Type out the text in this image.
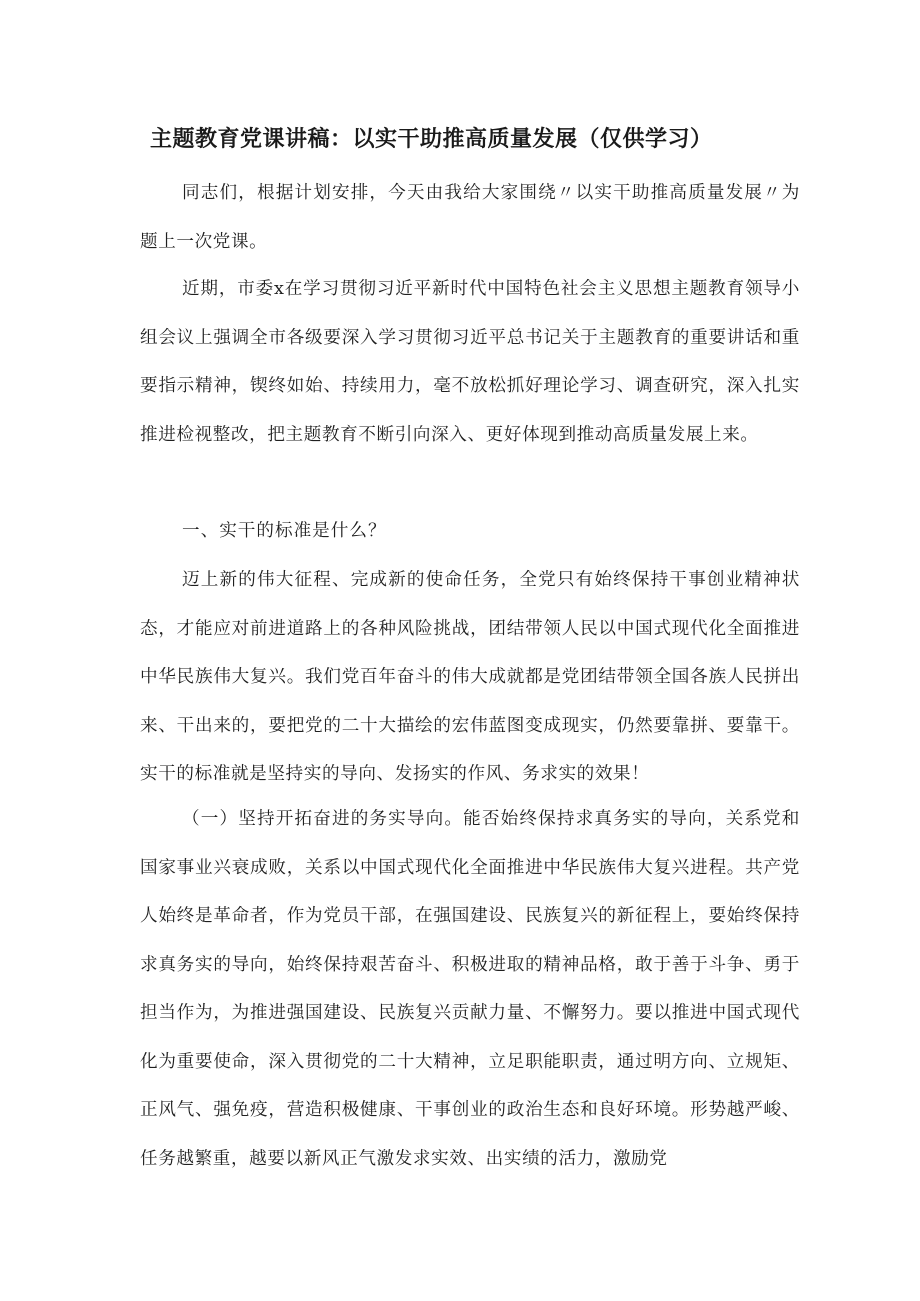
主题教育党课讲稿：以实干助推高质量发展（仅供学习）

同志们，根据计划安排，今天由我给大家围绕〃以实干助推高质量发展〃为题上一次党课。

近期，市委x在学习贯彻习近平新时代中国特色社会主义思想主题教育领导小组会议上强调全市各级要深入学习贯彻习近平总书记关于主题教育的重要讲话和重要指示精神，锲终如始、持续用力，毫不放松抓好理论学习、调查研究，深入扎实推进检视整改，把主题教育不断引向深入、更好体现到推动高质量发展上来。

一、实干的标准是什么？

迈上新的伟大征程、完成新的使命任务，全党只有始终保持干事创业精神状态，才能应对前进道路上的各种风险挑战，团结带领人民以中国式现代化全面推进中华民族伟大复兴。我们党百年奋斗的伟大成就都是党团结带领全国各族人民拼出来、干出来的，要把党的二十大描绘的宏伟蓝图变成现实，仍然要靠拼、要靠干。实干的标准就是坚持实的导向、发扬实的作风、务求实的效果！

（一）坚持开拓奋进的务实导向。能否始终保持求真务实的导向，关系党和国家事业兴衰成败，关系以中国式现代化全面推进中华民族伟大复兴进程。共产党人始终是革命者，作为党员干部，在强国建设、民族复兴的新征程上，要始终保持求真务实的导向，始终保持艰苦奋斗、积极进取的精神品格，敢于善于斗争、勇于担当作为，为推进强国建设、民族复兴贡献力量、不懈努力。要以推进中国式现代化为重要使命，深入贯彻党的二十大精神，立足职能职责，通过明方向、立规矩、正风气、强免疫，营造积极健康、干事创业的政治生态和良好环境。形势越严峻、任务越繁重，越要以新风正气激发求实效、出实绩的活力，激励党
